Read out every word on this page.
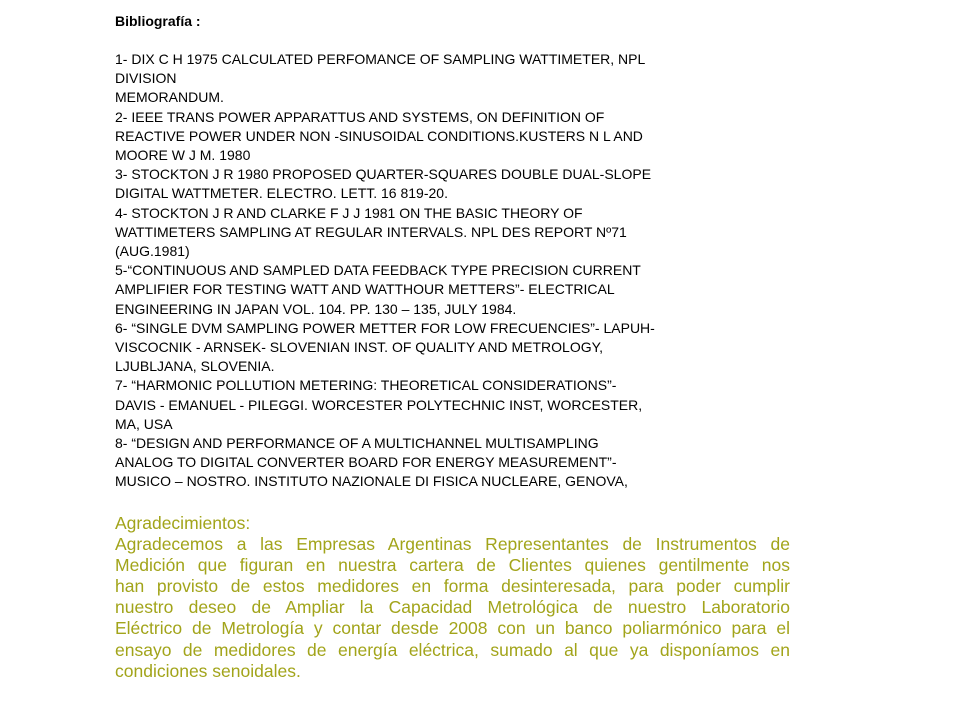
Bibliografía :
1- DIX C H 1975 CALCULATED PERFOMANCE OF SAMPLING WATTIMETER, NPL
DIVISION
MEMORANDUM.
2- IEEE TRANS POWER APPARATTUS AND SYSTEMS, ON DEFINITION OF
REACTIVE POWER UNDER NON -SINUSOIDAL CONDITIONS.KUSTERS N L AND
MOORE W J M. 1980
3- STOCKTON J R 1980 PROPOSED QUARTER-SQUARES DOUBLE DUAL-SLOPE
DIGITAL WATTMETER. ELECTRO. LETT. 16 819-20.
4- STOCKTON J R AND CLARKE F J J 1981 ON THE BASIC THEORY OF
WATTIMETERS SAMPLING AT REGULAR INTERVALS. NPL DES REPORT Nº71
(AUG.1981)
5-“CONTINUOUS AND SAMPLED DATA FEEDBACK TYPE PRECISION CURRENT
AMPLIFIER FOR TESTING WATT AND WATTHOUR METTERS”- ELECTRICAL
ENGINEERING IN JAPAN VOL. 104. PP. 130 – 135, JULY 1984.
6- “SINGLE DVM SAMPLING POWER METTER FOR LOW FRECUENCIES”- LAPUH-
VISCOCNIK - ARNSEK- SLOVENIAN INST. OF QUALITY AND METROLOGY,
LJUBLJANA, SLOVENIA.
7- “HARMONIC POLLUTION METERING: THEORETICAL CONSIDERATIONS”-
DAVIS - EMANUEL - PILEGGI. WORCESTER POLYTECHNIC INST, WORCESTER,
MA, USA
8- “DESIGN AND PERFORMANCE OF A MULTICHANNEL MULTISAMPLING
ANALOG TO DIGITAL CONVERTER BOARD FOR ENERGY MEASUREMENT”-
MUSICO – NOSTRO. INSTITUTO NAZIONALE DI FISICA NUCLEARE, GENOVA,
Agradecimientos:
Agradecemos a las Empresas Argentinas Representantes de Instrumentos de
Medición que figuran en nuestra cartera de Clientes quienes gentilmente nos
han provisto de estos medidores en forma desinteresada, para poder cumplir
nuestro deseo de Ampliar la Capacidad Metrológica de nuestro Laboratorio
Eléctrico de Metrología y contar desde 2008 con un banco poliarmónico para el
ensayo de medidores de energía eléctrica, sumado al que ya disponíamos en
condiciones senoidales.
